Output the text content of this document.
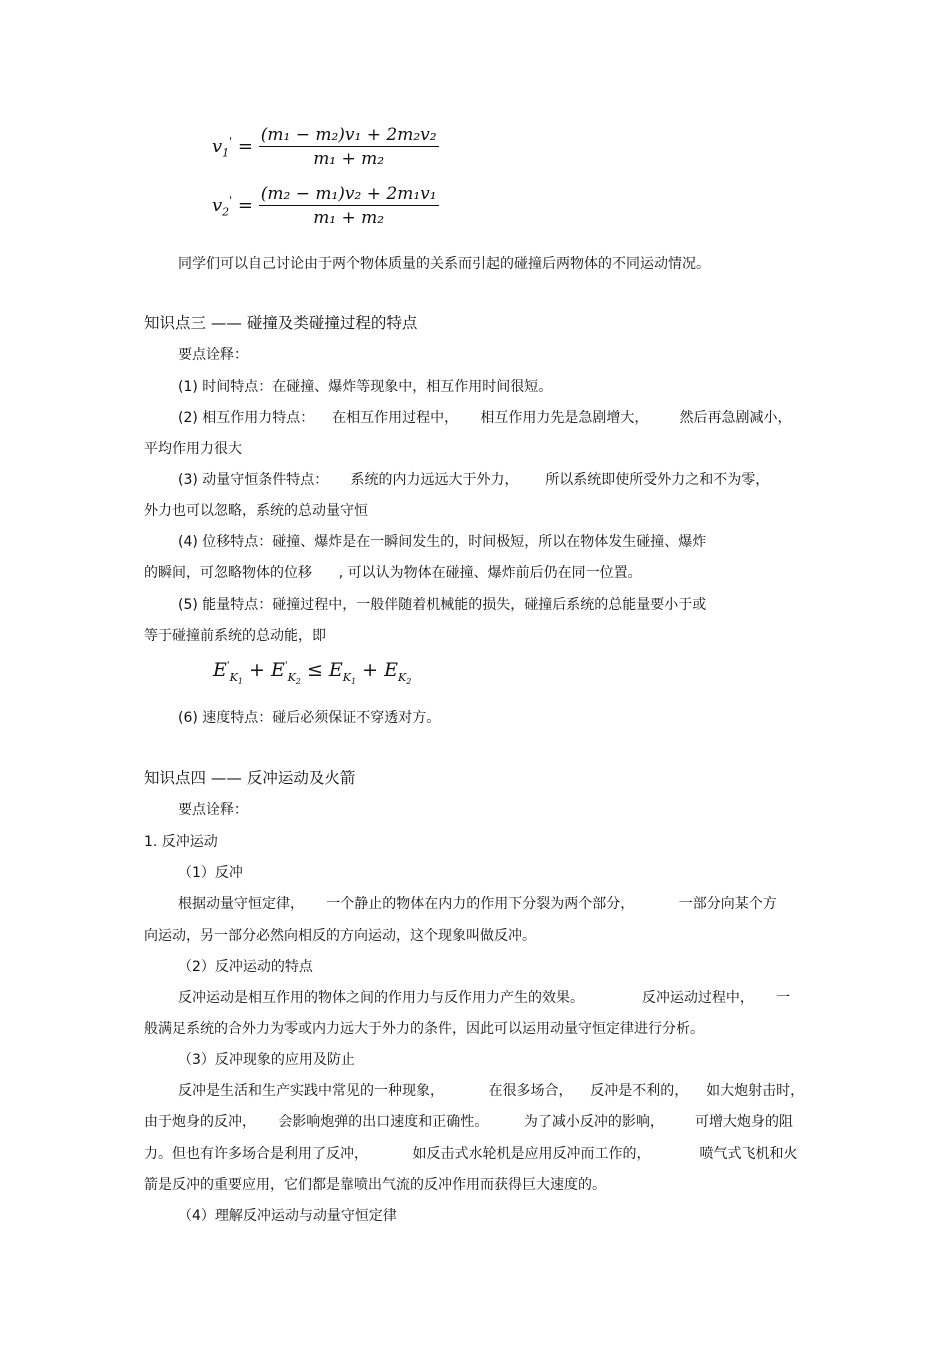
$v_1' = \frac{\text{(m₁ − m₂)v₁ + 2m₂v₂}}{\text{m₁ + m₂}}$
$v_2' = \frac{\text{(m₂ − m₁)v₂ + 2m₁v₁}}{\text{m₁ + m₂}}$
同学们可以自己讨论由于两个物体质量的关系而引起的碰撞后两物体的不同运动情况。
知识点三 —— 碰撞及类碰撞过程的特点
要点诠释：
(1) 时间特点：在碰撞、爆炸等现象中，相互作用时间很短。
(2) 相互作用力特点：    在相互作用过程中，     相互作用力先是急剧增大，       然后再急剧减小，
平均作用力很大
(3) 动量守恒条件特点：     系统的内力远远大于外力，      所以系统即使所受外力之和不为零，
外力也可以忽略，系统的总动量守恒
(4) 位移特点：碰撞、爆炸是在一瞬间发生的，时间极短，所以在物体发生碰撞、爆炸
的瞬间，可忽略物体的位移      , 可以认为物体在碰撞、爆炸前后仍在同一位置。
(5) 能量特点：碰撞过程中，一般伴随着机械能的损失，碰撞后系统的总能量要小于或
等于碰撞前系统的总动能，即
$E'_{K_1} + E'_{K_2} \le E_{K_1} + E_{K_2}$
(6) 速度特点：碰后必须保证不穿透对方。
知识点四 —— 反冲运动及火箭
要点诠释：
1. 反冲运动
（1）反冲
根据动量守恒定律，     一个静止的物体在内力的作用下分裂为两个部分，          一部分向某个方
向运动，另一部分必然向相反的方向运动，这个现象叫做反冲。
（2）反冲运动的特点
反冲运动是相互作用的物体之间的作用力与反作用力产生的效果。             反冲运动过程中，     一
般满足系统的合外力为零或内力远大于外力的条件，因此可以运用动量守恒定律进行分析。
（3）反冲现象的应用及防止
反冲是生活和生产实践中常见的一种现象，          在很多场合，    反冲是不利的，    如大炮射击时，
由于炮身的反冲，     会影响炮弹的出口速度和正确性。        为了减小反冲的影响，       可增大炮身的阻
力。但也有许多场合是利用了反冲，          如反击式水轮机是应用反冲而工作的，           喷气式飞机和火
箭是反冲的重要应用，它们都是靠喷出气流的反冲作用而获得巨大速度的。
（4）理解反冲运动与动量守恒定律
